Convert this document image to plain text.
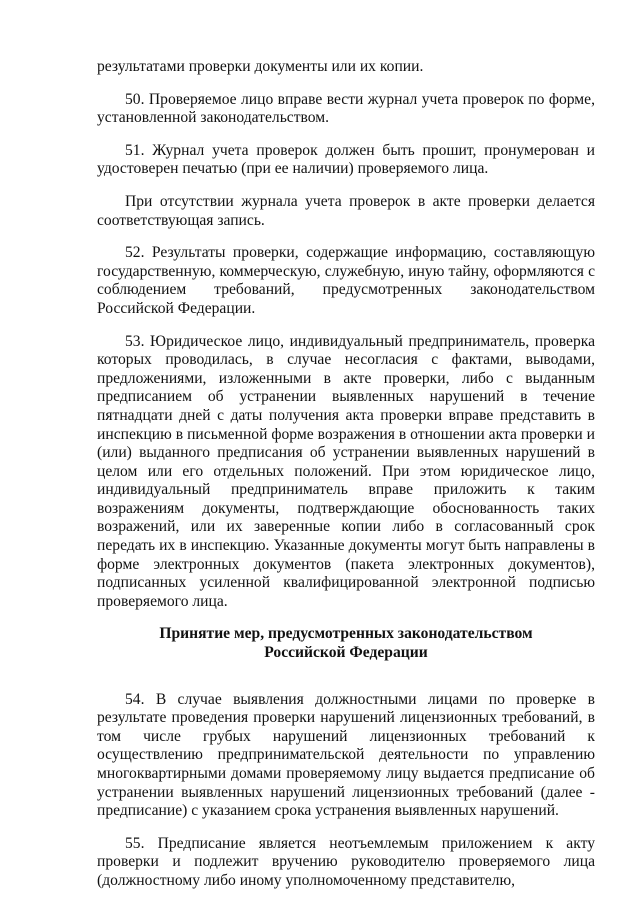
результатами проверки документы или их копии.

50. Проверяемое лицо вправе вести журнал учета проверок по форме, установленной законодательством.

51. Журнал учета проверок должен быть прошит, пронумерован и удостоверен печатью (при ее наличии) проверяемого лица.

При отсутствии журнала учета проверок в акте проверки делается соответствующая запись.

52. Результаты проверки, содержащие информацию, составляющую государственную, коммерческую, служебную, иную тайну, оформляются с соблюдением требований, предусмотренных законодательством Российской Федерации.

53. Юридическое лицо, индивидуальный предприниматель, проверка которых проводилась, в случае несогласия с фактами, выводами, предложениями, изложенными в акте проверки, либо с выданным предписанием об устранении выявленных нарушений в течение пятнадцати дней с даты получения акта проверки вправе представить в инспекцию в письменной форме возражения в отношении акта проверки и (или) выданного предписания об устранении выявленных нарушений в целом или его отдельных положений. При этом юридическое лицо, индивидуальный предприниматель вправе приложить к таким возражениям документы, подтверждающие обоснованность таких возражений, или их заверенные копии либо в согласованный срок передать их в инспекцию. Указанные документы могут быть направлены в форме электронных документов (пакета электронных документов), подписанных усиленной квалифицированной электронной подписью проверяемого лица.

Принятие мер, предусмотренных законодательством
Российской Федерации

54. В случае выявления должностными лицами по проверке в результате проведения проверки нарушений лицензионных требований, в том числе грубых нарушений лицензионных требований к осуществлению предпринимательской деятельности по управлению многоквартирными домами проверяемому лицу выдается предписание об устранении выявленных нарушений лицензионных требований (далее - предписание) с указанием срока устранения выявленных нарушений.

55. Предписание является неотъемлемым приложением к акту проверки и подлежит вручению руководителю проверяемого лица (должностному либо иному уполномоченному представителю,
